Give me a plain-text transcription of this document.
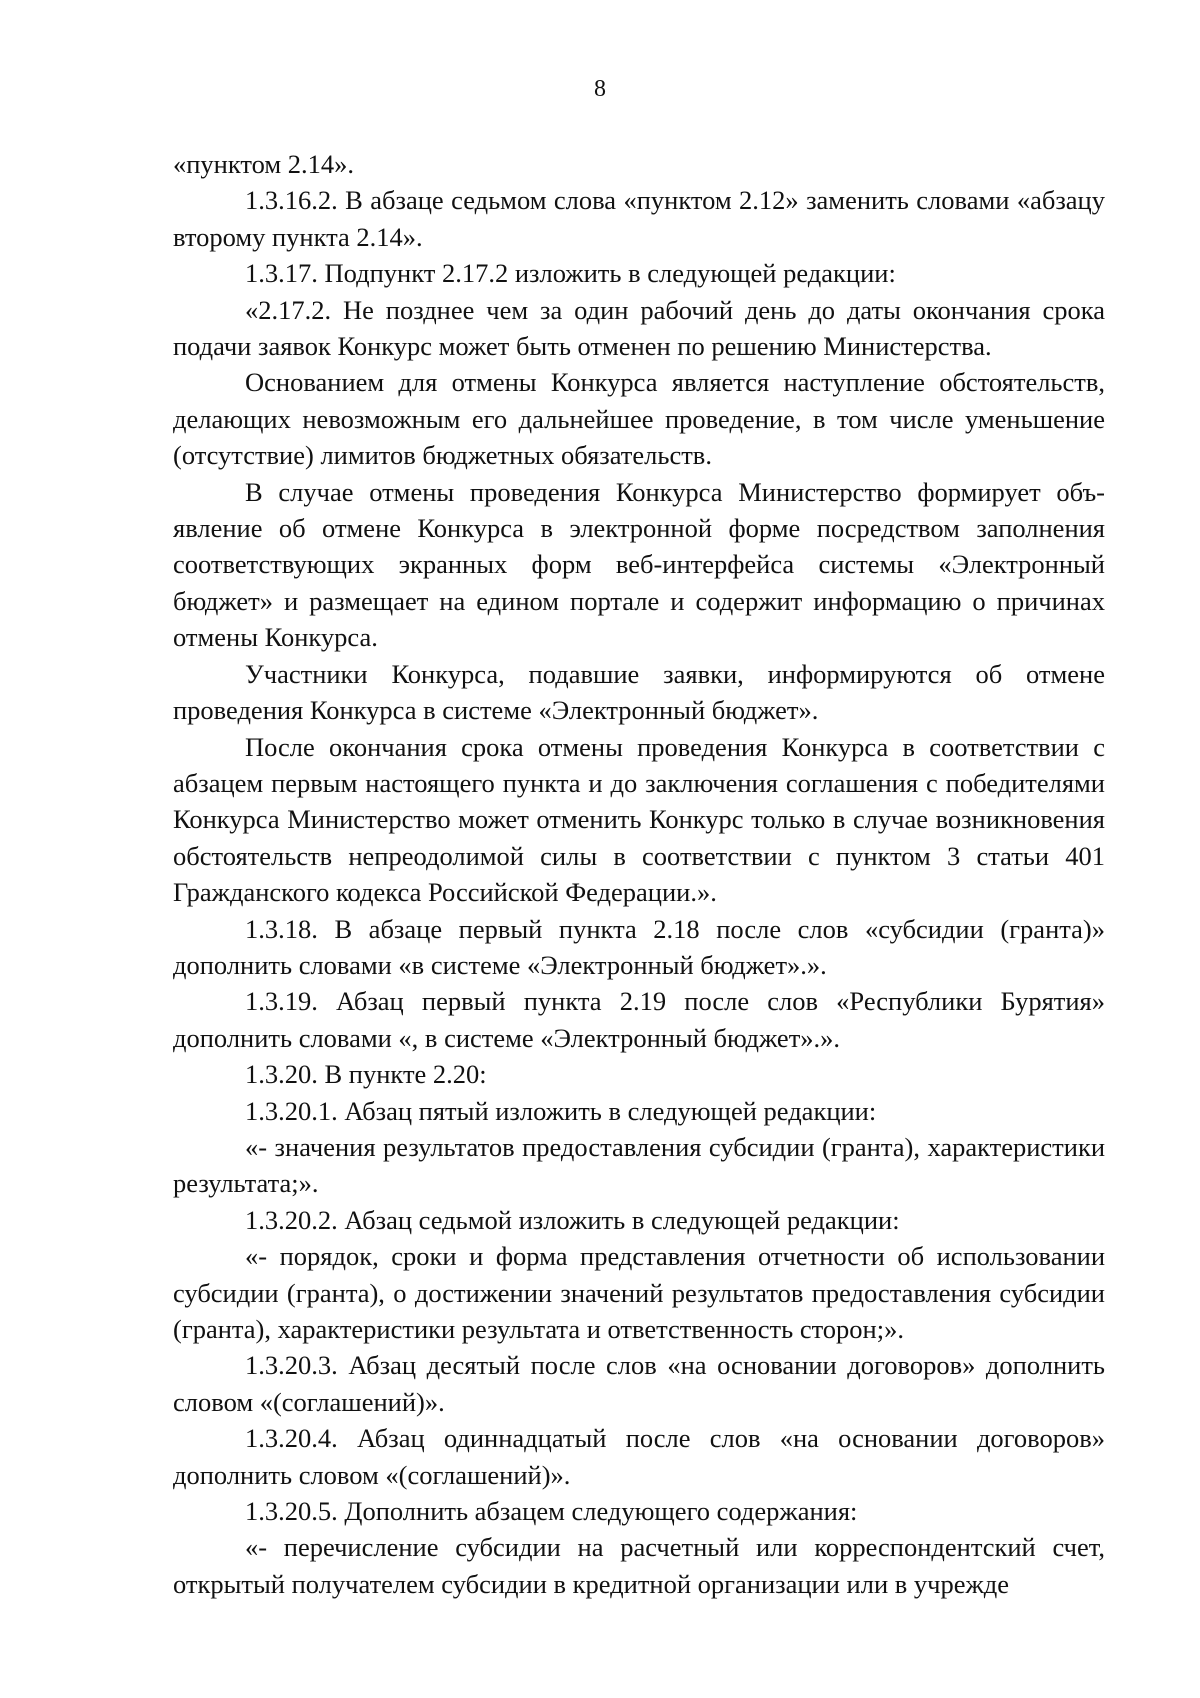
8

«пунктом 2.14».

1.3.16.2. В абзаце седьмом слова «пунктом 2.12» заменить словами «абзацу второму пункта 2.14».

1.3.17. Подпункт 2.17.2 изложить в следующей редакции:

«2.17.2. Не позднее чем за один рабочий день до даты окончания срока подачи заявок Конкурс может быть отменен по решению Министерства.

Основанием для отмены Конкурса является наступление обстоятельств, делающих невозможным его дальнейшее проведение, в том числе уменьшение (отсутствие) лимитов бюджетных обязательств.

В случае отмены проведения Конкурса Министерство формирует объявление об отмене Конкурса в электронной форме посредством заполнения соответствующих экранных форм веб-интерфейса системы «Электронный бюджет» и размещает на едином портале и содержит информацию о причинах отмены Конкурса.

Участники Конкурса, подавшие заявки, информируются об отмене проведения Конкурса в системе «Электронный бюджет».

После окончания срока отмены проведения Конкурса в соответствии с абзацем первым настоящего пункта и до заключения соглашения с победителями Конкурса Министерство может отменить Конкурс только в случае возникновения обстоятельств непреодолимой силы в соответствии с пунктом 3 статьи 401 Гражданского кодекса Российской Федерации.».

1.3.18. В абзаце первый пункта 2.18 после слов «субсидии (гранта)» дополнить словами «в системе «Электронный бюджет».».

1.3.19. Абзац первый пункта 2.19 после слов «Республики Бурятия» дополнить словами «, в системе «Электронный бюджет».».

1.3.20. В пункте 2.20:

1.3.20.1. Абзац пятый изложить в следующей редакции:

«- значения результатов предоставления субсидии (гранта), характеристики результата;».

1.3.20.2. Абзац седьмой изложить в следующей редакции:

«- порядок, сроки и форма представления отчетности об использовании субсидии (гранта), о достижении значений результатов предоставления субсидии (гранта), характеристики результата и ответственность сторон;».

1.3.20.3. Абзац десятый после слов «на основании договоров» дополнить словом «(соглашений)».

1.3.20.4. Абзац одиннадцатый после слов «на основании договоров» дополнить словом «(соглашений)».

1.3.20.5. Дополнить абзацем следующего содержания:

«- перечисление субсидии на расчетный или корреспондентский счет, открытый получателем субсидии в кредитной организации или в учрежде
